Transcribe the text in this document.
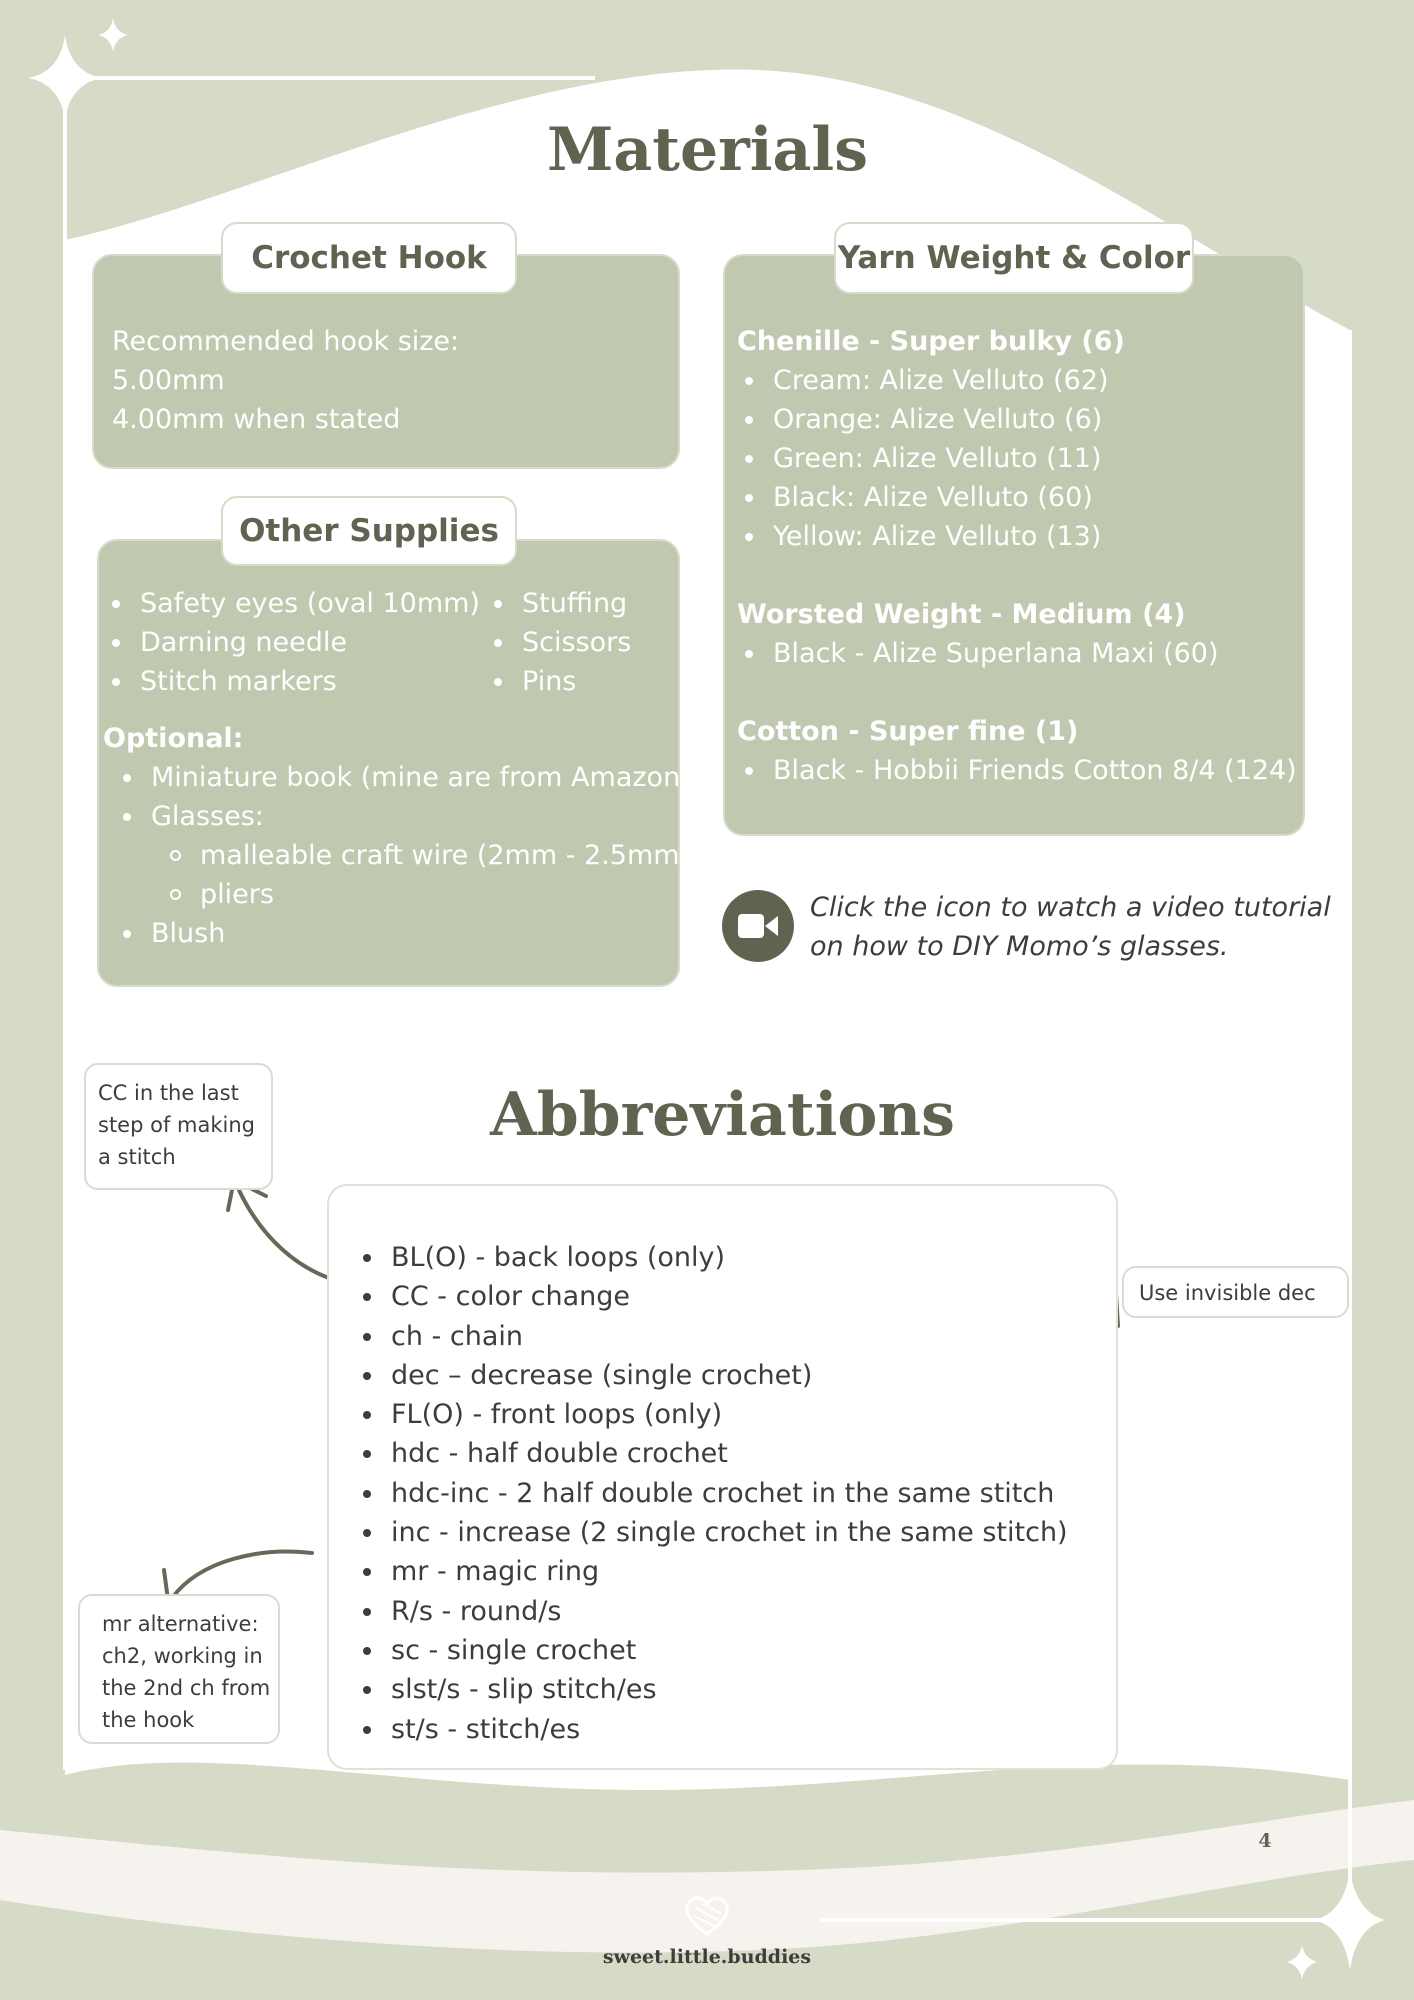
Materials
Recommended hook size:
5.00mm
4.00mm when stated
Crochet Hook
Safety eyes (oval 10mm)
Darning needle
Stitch markers
Stuffing
Scissors
Pins
Optional:
Miniature book (mine are from Amazon)
Glasses:
malleable craft wire (2mm - 2.5mm)
pliers
Blush
Other Supplies
Chenille - Super bulky (6)
Cream: Alize Velluto (62)
Orange: Alize Velluto (6)
Green: Alize Velluto (11)
Black: Alize Velluto (60)
Yellow: Alize Velluto (13)
Worsted Weight - Medium (4)
Black - Alize Superlana Maxi (60)
Cotton - Super fine (1)
Black - Hobbii Friends Cotton 8/4 (124)
Yarn Weight & Color
Click the icon to watch a video tutorial
on how to DIY Momo’s glasses.
Abbreviations
BL(O) - back loops (only)
CC - color change
ch - chain
dec – decrease (single crochet)
FL(O) - front loops (only)
hdc - half double crochet
hdc-inc - 2 half double crochet in the same stitch
inc - increase (2 single crochet in the same stitch)
mr - magic ring
R/s - round/s
sc - single crochet
slst/s - slip stitch/es
st/s - stitch/es
CC in the last
step of making
a stitch
Use invisible dec
mr alternative:
ch2, working in
the 2nd ch from
the hook
4
sweet.little.buddies
